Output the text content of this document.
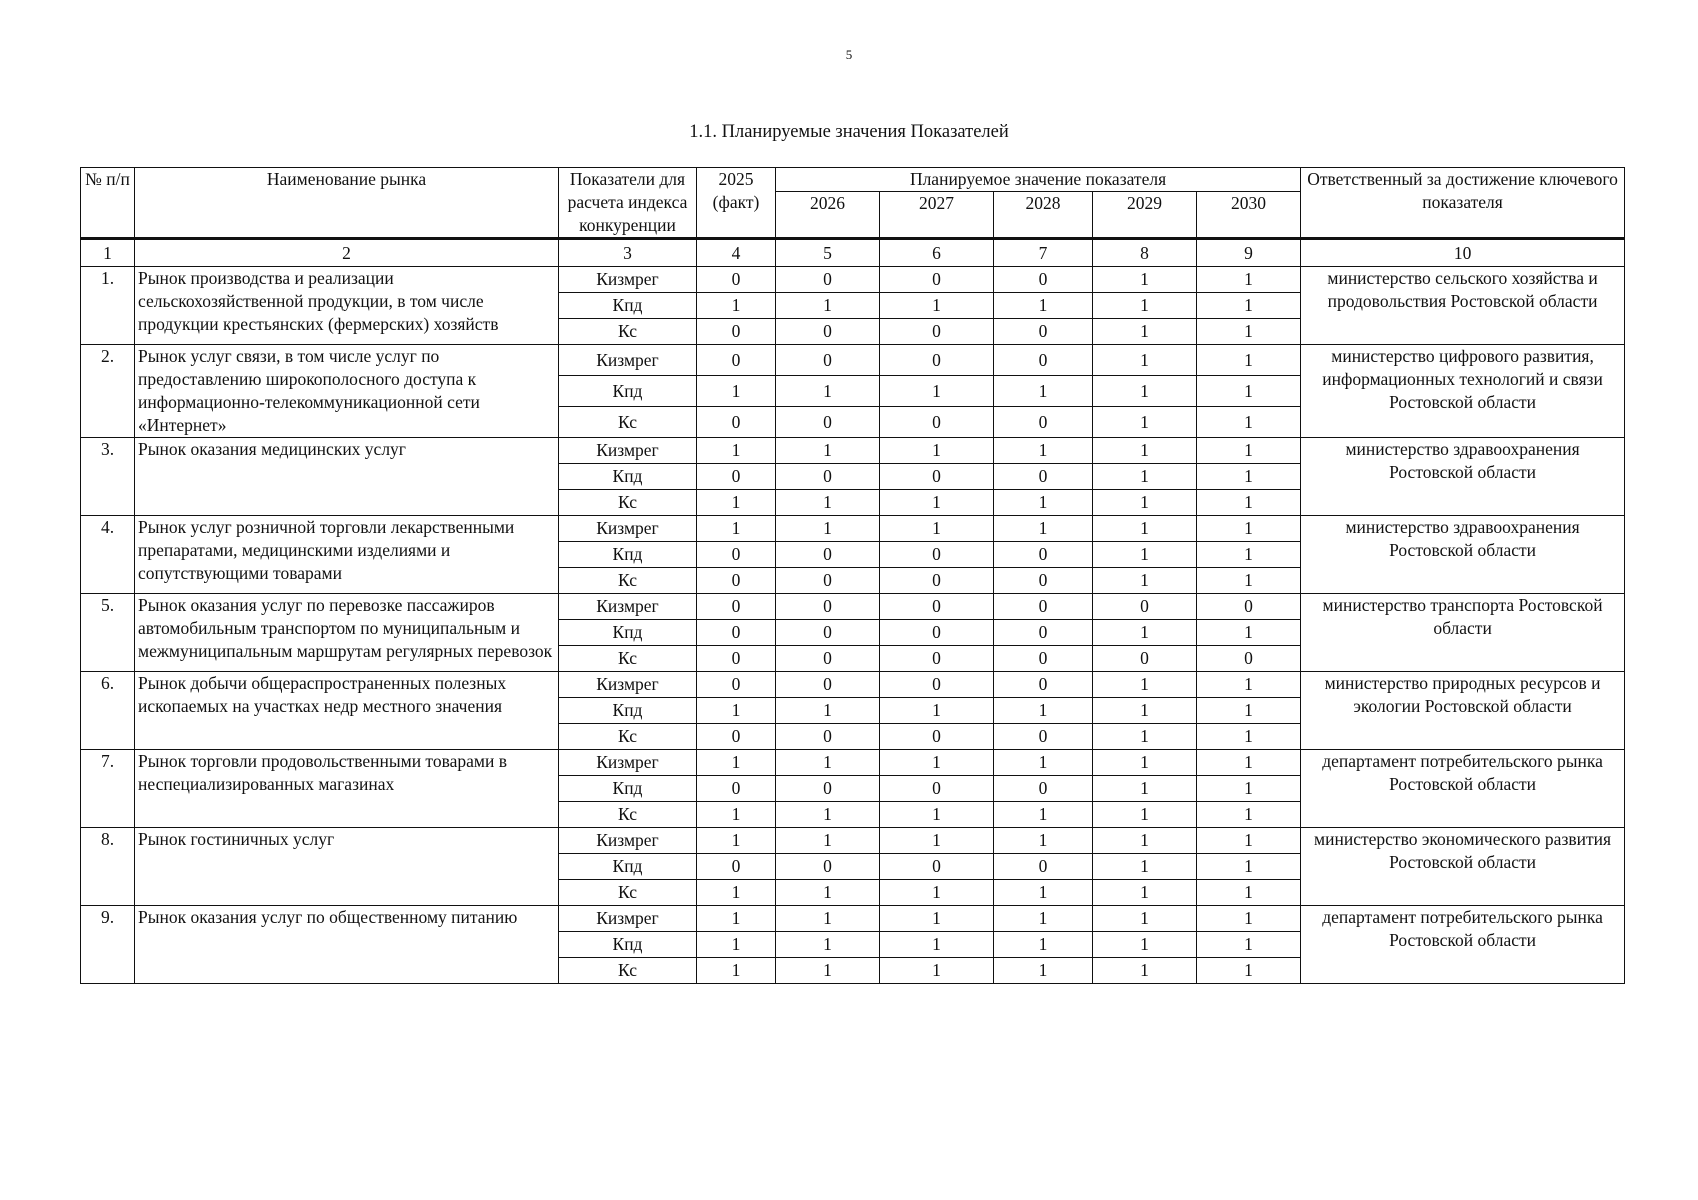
5
1.1. Планируемые значения Показателей
№ п/п	Наименование рынка	Показатели для расчета индекса конкуренции	2025 (факт)	Планируемое значение показателя					Ответственный за достижение ключевого показателя
				2026	2027	2028	2029	2030	
1	2	3	4	5	6	7	8	9	10
1.	Рынок производства и реализации сельскохозяйственной продукции, в том числе продукции крестьянских (фермерских) хозяйств	Кизмрег	0	0	0	0	1	1	министерство сельского хозяйства и продовольствия Ростовской области
		Кпд	1	1	1	1	1	1	
		Кс	0	0	0	0	1	1	
2.	Рынок услуг связи, в том числе услуг по предоставлению широкополосного доступа к информационно-телекоммуникационной сети «Интернет»	Кизмрег	0	0	0	0	1	1	министерство цифрового развития, информационных технологий и связи Ростовской области
		Кпд	1	1	1	1	1	1	
		Кс	0	0	0	0	1	1	
3.	Рынок оказания медицинских услуг	Кизмрег	1	1	1	1	1	1	министерство здравоохранения Ростовской области
		Кпд	0	0	0	0	1	1	
		Кс	1	1	1	1	1	1	
4.	Рынок услуг розничной торговли лекарственными препаратами, медицинскими изделиями и сопутствующими товарами	Кизмрег	1	1	1	1	1	1	министерство здравоохранения Ростовской области
		Кпд	0	0	0	0	1	1	
		Кс	0	0	0	0	1	1	
5.	Рынок оказания услуг по перевозке пассажиров автомобильным транспортом по муниципальным и межмуниципальным маршрутам регулярных перевозок	Кизмрег	0	0	0	0	0	0	министерство транспорта Ростовской области
		Кпд	0	0	0	0	1	1	
		Кс	0	0	0	0	0	0	
6.	Рынок добычи общераспространенных полезных ископаемых на участках недр местного значения	Кизмрег	0	0	0	0	1	1	министерство природных ресурсов и экологии Ростовской области
		Кпд	1	1	1	1	1	1	
		Кс	0	0	0	0	1	1	
7.	Рынок торговли продовольственными товарами в неспециализированных магазинах	Кизмрег	1	1	1	1	1	1	департамент потребительского рынка Ростовской области
		Кпд	0	0	0	0	1	1	
		Кс	1	1	1	1	1	1	
8.	Рынок гостиничных услуг	Кизмрег	1	1	1	1	1	1	министерство экономического развития Ростовской области
		Кпд	0	0	0	0	1	1	
		Кс	1	1	1	1	1	1	
9.	Рынок оказания услуг по общественному питанию	Кизмрег	1	1	1	1	1	1	департамент потребительского рынка Ростовской области
		Кпд	1	1	1	1	1	1	
		Кс	1	1	1	1	1	1	
